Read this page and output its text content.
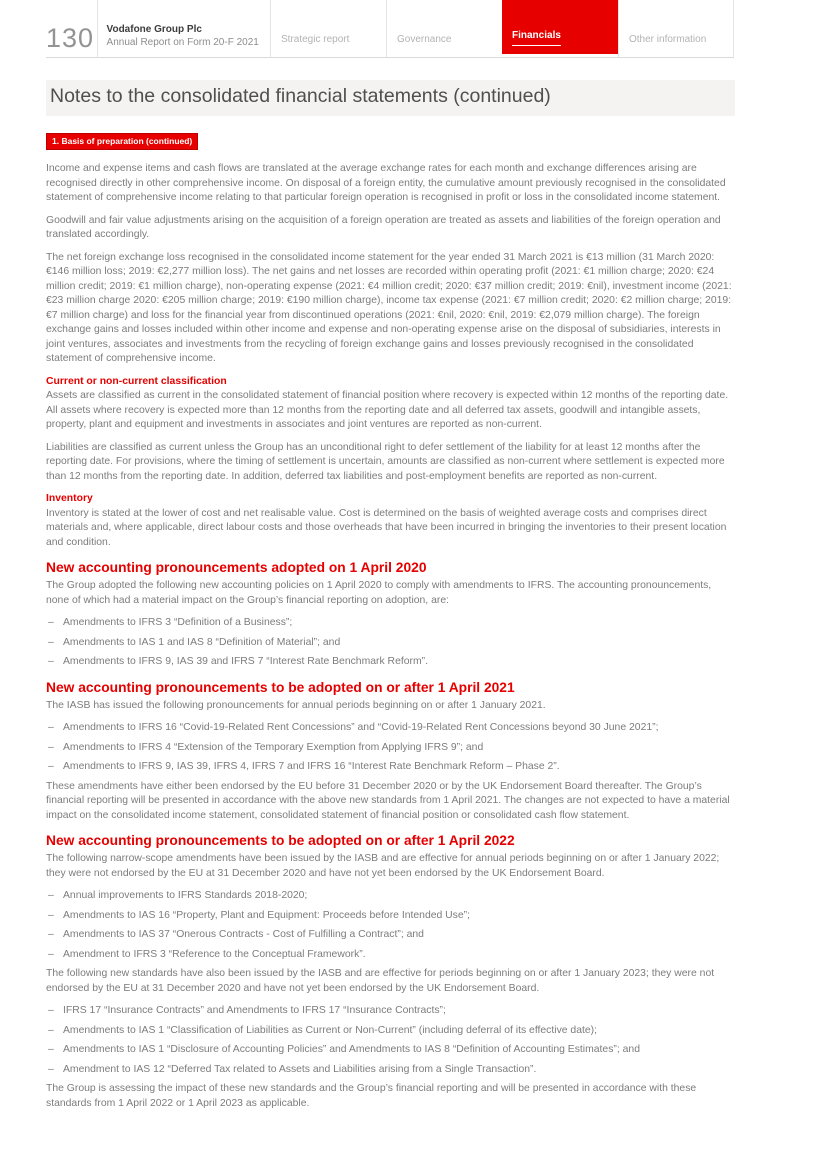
130 Vodafone Group Plc
Annual Report on Form 20-F 2021	Strategic report	Governance	Financials	Other information
Notes to the consolidated financial statements (continued)
1. Basis of preparation (continued)

Income and expense items and cash flows are translated at the average exchange rates for each month and exchange differences arising are recognised directly in other comprehensive income. On disposal of a foreign entity, the cumulative amount previously recognised in the consolidated statement of comprehensive income relating to that particular foreign operation is recognised in profit or loss in the consolidated income statement.

Goodwill and fair value adjustments arising on the acquisition of a foreign operation are treated as assets and liabilities of the foreign operation and translated accordingly.

The net foreign exchange loss recognised in the consolidated income statement for the year ended 31 March 2021 is €13 million (31 March 2020: €146 million loss; 2019: €2,277 million loss). The net gains and net losses are recorded within operating profit (2021: €1 million charge; 2020: €24 million credit; 2019: €1 million charge), non-operating expense (2021: €4 million credit; 2020: €37 million credit; 2019: €nil), investment income (2021: €23 million charge 2020: €205 million charge; 2019: €190 million charge), income tax expense (2021: €7 million credit; 2020: €2 million charge; 2019: €7 million charge) and loss for the financial year from discontinued operations (2021: €nil, 2020: €nil, 2019: €2,079 million charge). The foreign exchange gains and losses included within other income and expense and non-operating expense arise on the disposal of subsidiaries, interests in joint ventures, associates and investments from the recycling of foreign exchange gains and losses previously recognised in the consolidated statement of comprehensive income.

Current or non-current classification

Assets are classified as current in the consolidated statement of financial position where recovery is expected within 12 months of the reporting date. All assets where recovery is expected more than 12 months from the reporting date and all deferred tax assets, goodwill and intangible assets, property, plant and equipment and investments in associates and joint ventures are reported as non-current.

Liabilities are classified as current unless the Group has an unconditional right to defer settlement of the liability for at least 12 months after the reporting date. For provisions, where the timing of settlement is uncertain, amounts are classified as non-current where settlement is expected more than 12 months from the reporting date. In addition, deferred tax liabilities and post-employment benefits are reported as non-current.

Inventory

Inventory is stated at the lower of cost and net realisable value. Cost is determined on the basis of weighted average costs and comprises direct materials and, where applicable, direct labour costs and those overheads that have been incurred in bringing the inventories to their present location and condition.

New accounting pronouncements adopted on 1 April 2020

The Group adopted the following new accounting policies on 1 April 2020 to comply with amendments to IFRS. The accounting pronouncements, none of which had a material impact on the Group’s financial reporting on adoption, are:

– Amendments to IFRS 3 “Definition of a Business”;
– Amendments to IAS 1 and IAS 8 “Definition of Material”; and
– Amendments to IFRS 9, IAS 39 and IFRS 7 “Interest Rate Benchmark Reform”.
New accounting pronouncements to be adopted on or after 1 April 2021

The IASB has issued the following pronouncements for annual periods beginning on or after 1 January 2021.

– Amendments to IFRS 16 “Covid-19-Related Rent Concessions” and “Covid-19-Related Rent Concessions beyond 30 June 2021”;
– Amendments to IFRS 4 “Extension of the Temporary Exemption from Applying IFRS 9”; and
– Amendments to IFRS 9, IAS 39, IFRS 4, IFRS 7 and IFRS 16 “Interest Rate Benchmark Reform – Phase 2”.

These amendments have either been endorsed by the EU before 31 December 2020 or by the UK Endorsement Board thereafter. The Group’s financial reporting will be presented in accordance with the above new standards from 1 April 2021. The changes are not expected to have a material impact on the consolidated income statement, consolidated statement of financial position or consolidated cash flow statement.

New accounting pronouncements to be adopted on or after 1 April 2022

The following narrow-scope amendments have been issued by the IASB and are effective for annual periods beginning on or after 1 January 2022; they were not endorsed by the EU at 31 December 2020 and have not yet been endorsed by the UK Endorsement Board.

– Annual improvements to IFRS Standards 2018-2020;
– Amendments to IAS 16 “Property, Plant and Equipment: Proceeds before Intended Use”;
– Amendments to IAS 37 “Onerous Contracts - Cost of Fulfilling a Contract”; and
– Amendment to IFRS 3 “Reference to the Conceptual Framework”.

The following new standards have also been issued by the IASB and are effective for periods beginning on or after 1 January 2023; they were not endorsed by the EU at 31 December 2020 and have not yet been endorsed by the UK Endorsement Board.

– IFRS 17 “Insurance Contracts” and Amendments to IFRS 17 “Insurance Contracts”;
– Amendments to IAS 1 “Classification of Liabilities as Current or Non-Current” (including deferral of its effective date);
– Amendments to IAS 1 “Disclosure of Accounting Policies” and Amendments to IAS 8 “Definition of Accounting Estimates”; and
– Amendment to IAS 12 “Deferred Tax related to Assets and Liabilities arising from a Single Transaction”.

The Group is assessing the impact of these new standards and the Group’s financial reporting and will be presented in accordance with these standards from 1 April 2022 or 1 April 2023 as applicable.
